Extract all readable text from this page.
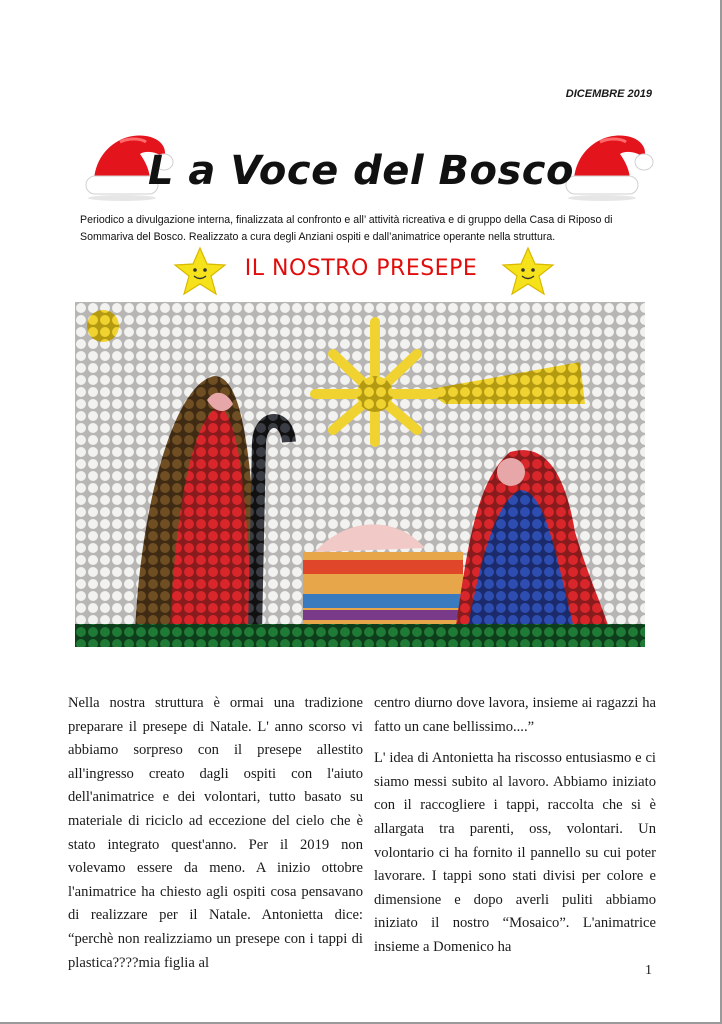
DICEMBRE 2019
L a Voce del Bosco
Periodico a divulgazione interna, finalizzata al confronto e all’ attività ricreativa e di gruppo della Casa di Riposo di Sommariva del Bosco. Realizzato a cura degli Anziani ospiti e dall’animatrice operante nella struttura.
IL NOSTRO PRESEPE

Nella nostra struttura è ormai una tradizione preparare il presepe di Natale. L' anno scorso vi abbiamo sorpreso con il presepe allestito all'ingresso creato dagli ospiti con l'aiuto dell'animatrice e dei volontari, tutto basato su materiale di riciclo ad eccezione del cielo che è stato integrato quest'anno. Per il 2019 non volevamo essere da meno. A inizio ottobre l'animatrice ha chiesto agli ospiti cosa pensavano di realizzare per il Natale. Antonietta dice: “perchè non realizziamo un presepe con i tappi di plastica????mia figlia al

centro diurno dove lavora, insieme ai ragazzi ha fatto un cane bellissimo....”

L' idea di Antonietta ha riscosso entusiasmo e ci siamo messi subito al lavoro. Abbiamo iniziato con il raccogliere i tappi, raccolta che si è allargata tra parenti, oss, volontari. Un volontario ci ha fornito il pannello su cui poter lavorare. I tappi sono stati divisi per colore e dimensione e dopo averli puliti abbiamo iniziato il nostro “Mosaico”. L'animatrice insieme a Domenico ha

1
